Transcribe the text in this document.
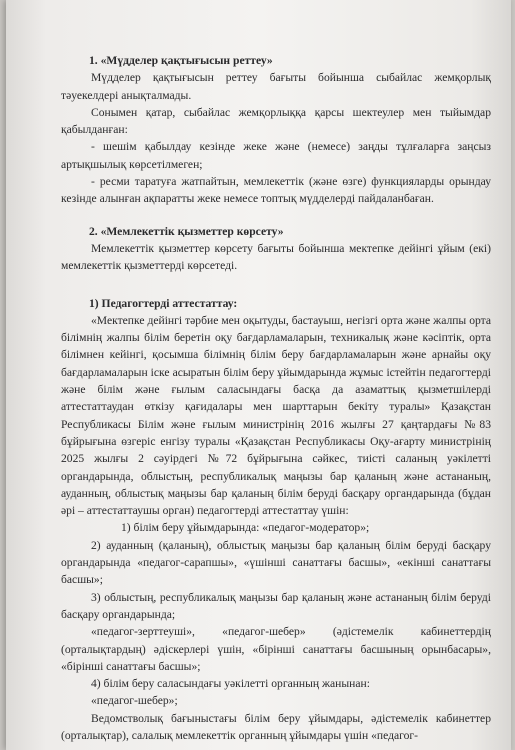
1. «Мүдделер қақтығысын реттеу»
Мүдделер қақтығысын реттеу бағыты бойынша сыбайлас жемқорлық тәуекелдері анықталмады.
Сонымен қатар, сыбайлас жемқорлыққа қарсы шектеулер мен тыйымдар қабылданған:
- шешім қабылдау кезінде жеке және (немесе) заңды тұлғаларға заңсыз артықшылық көрсетілмеген;
- ресми таратуға жатпайтын, мемлекеттік (және өзге) функцияларды орындау кезінде алынған ақпаратты жеке немесе топтық мүдделерді пайдаланбаған.
2. «Мемлекеттік қызметтер көрсету»
Мемлекеттік қызметтер көрсету бағыты бойынша мектепке дейінгі ұйым (екі) мемлекеттік қызметтерді көрсетеді.
1) Педагогтерді аттестаттау:
«Мектепке дейінгі тәрбие мен оқытуды, бастауыш, негізгі орта және жалпы орта білімнің жалпы білім беретін оқу бағдарламаларын, техникалық және кәсіптік, орта білімнен кейінгі, қосымша білімнің білім беру бағдарламаларын және арнайы оқу бағдарламаларын іске асыратын білім беру ұйымдарында жұмыс істейтін педагогтерді және білім және ғылым саласындағы басқа да азаматтық қызметшілерді аттестаттаудан өткізу қағидалары мен шарттарын бекіту туралы» Қазақстан Республикасы Білім және ғылым министрінің 2016 жылғы 27 қаңтардағы №83 бұйрығына өзгеріс енгізу туралы «Қазақстан Республикасы Оқу-ағарту министрінің 2025 жылғы 2 сәуірдегі №72 бұйрығына сәйкес, тиісті саланың уәкілетті органдарында, облыстың, республикалық маңызы бар қаланың және астананың, ауданның, облыстық маңызы бар қаланың білім беруді басқару органдарында (бұдан әрі – аттестаттаушы орган) педагогтерді аттестаттау үшін:
1) білім беру ұйымдарында: «педагог-модератор»;
2) ауданның (қаланың), облыстық маңызы бар қаланың білім беруді басқару органдарында «педагог-сарапшы», «үшінші санаттағы басшы», «екінші санаттағы басшы»;
3) облыстың, республикалық маңызы бар қаланың және астананың білім беруді басқару органдарында;
«педагог-зерттеуші», «педагог-шебер» (әдістемелік кабинеттердің (орталықтардың) әдіскерлері үшін, «бірінші санаттағы басшының орынбасары», «бірінші санаттағы басшы»;
4) білім беру саласындағы уәкілетті органның жанынан:
«педагог-шебер»;
Ведомстволық бағыныстағы білім беру ұйымдары, әдістемелік кабинеттер (орталықтар), салалық мемлекеттік органның ұйымдары үшін «педагог-
